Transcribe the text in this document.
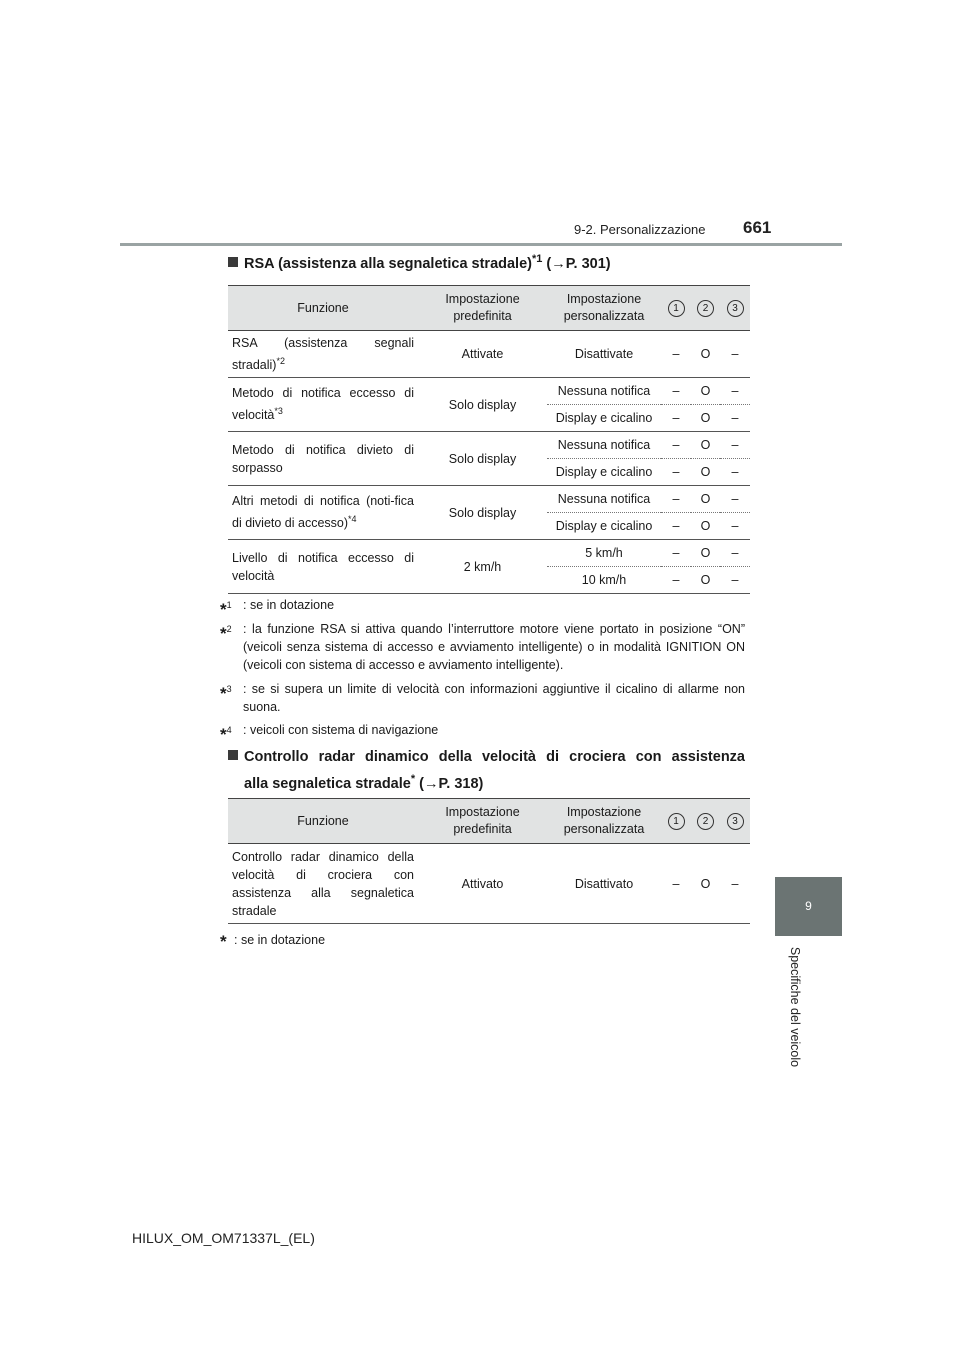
9-2. Personalizzazione 661
9
Specifiche del veicolo
RSA (assistenza alla segnaletica stradale)$^{*1}$ (→P. 301)
Funzione	Impostazione predefinita	Impostazione personalizzata	1	2	3
RSA (assistenza segnali stradali)$^{*2}$	Attivate	Disattivate	–	O	–
Metodo di notifica eccesso di velocità$^{*3}$	Solo display	Nessuna notifica	–	O	–
		Display e cicalino	–	O	–
Metodo di notifica divieto di sorpasso	Solo display	Nessuna notifica	–	O	–
		Display e cicalino	–	O	–
Altri metodi di notifica (noti-fica di divieto di accesso)$^{*4}$	Solo display	Nessuna notifica	–	O	–
		Display e cicalino	–	O	–
Livello di notifica eccesso di velocità	2 km/h	5 km/h	–	O	–
		10 km/h	–	O	–
*$^1$ : se in dotazione
*$^2$ : la funzione RSA si attiva quando l’interruttore motore viene portato in posizione “ON” (veicoli senza sistema di accesso e avviamento intelligente) o in modalità IGNITION ON (veicoli con sistema di accesso e avviamento intelligente).
*$^3$ : se si supera un limite di velocità con informazioni aggiuntive il cicalino di allarme non suona.
*$^4$ : veicoli con sistema di navigazione
Controllo radar dinamico della velocità di crociera con assistenza
alla segnaletica stradale* (→P. 318)
Funzione	Impostazione predefinita	Impostazione personalizzata	1	2	3
Controllo radar dinamico della velocità di crociera con assistenza alla segnaletica stradale	Attivato	Disattivato	–	O	–
* : se in dotazione
HILUX_OM_OM71337L_(EL)
